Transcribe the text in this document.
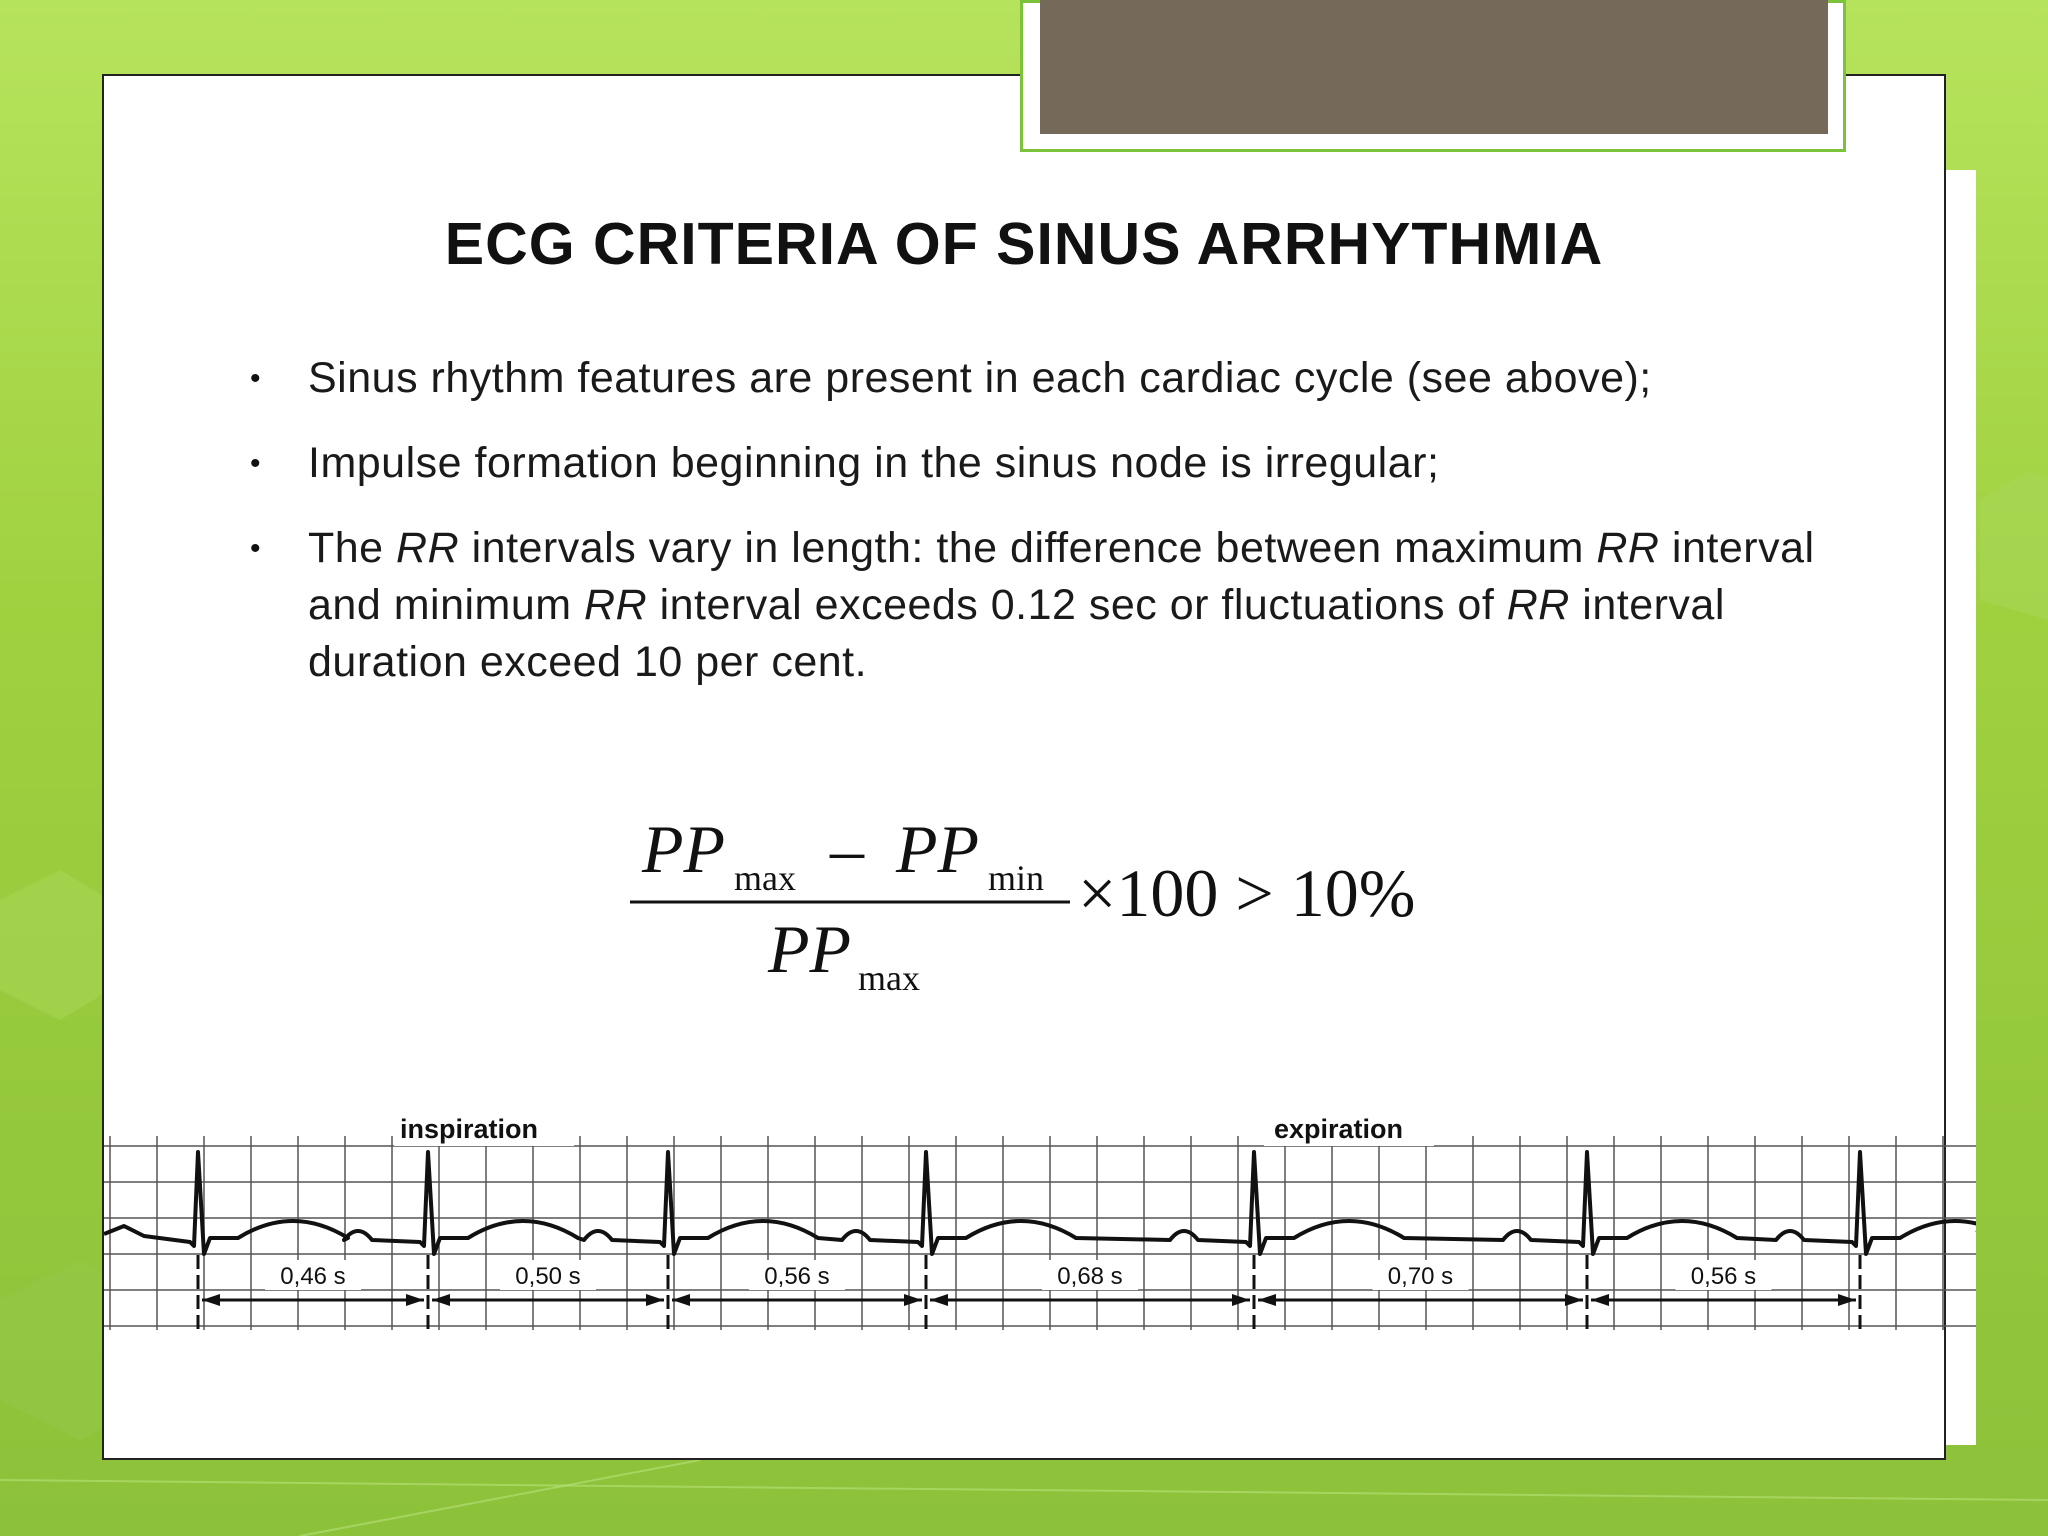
ECG CRITERIA OF SINUS ARRHYTHMIA
• Sinus rhythm features are present in each cardiac cycle (see above);
• Impulse formation beginning in the sinus node is irregular;
• The RR intervals vary in length: the difference between maximum RR interval and minimum RR interval exceeds 0.12 sec or fluctuations of RR interval duration exceed 10 per cent.
PP max – PP min
PP max
×100 > 10%
0,46 s	0,50 s	0,56 s	0,68 s	0,70 s	0,56 s
inspiration	expiration
